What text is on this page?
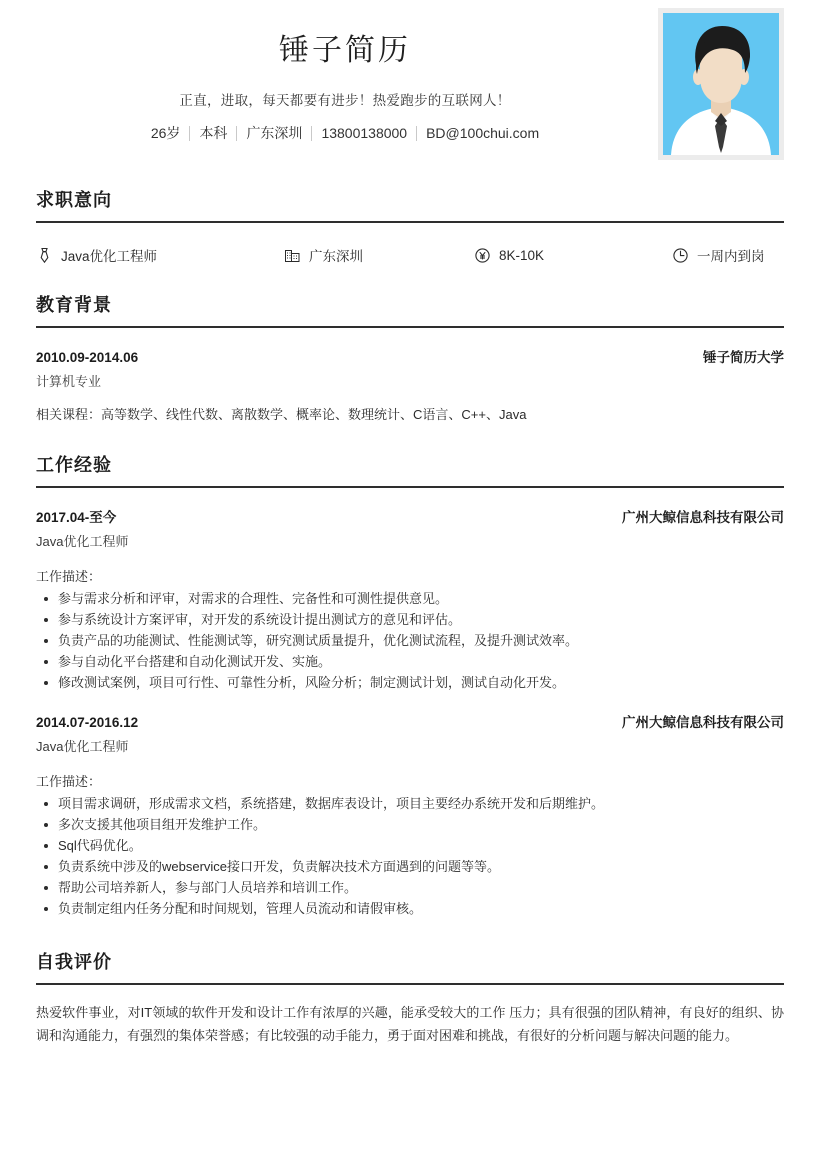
锤子简历
正直，进取，每天都要有进步！热爱跑步的互联网人！
26岁	本科	广东深圳	13800138000	BD@100chui.com
求职意向
Java优化工程师	广东深圳	8K-10K	一周内到岗
教育背景
2010.09-2014.06	锤子简历大学
计算机专业
相关课程：高等数学、线性代数、离散数学、概率论、数理统计、C语言、C++、Java
工作经验
2017.04-至今	广州大鲸信息科技有限公司
Java优化工程师
工作描述：
参与需求分析和评审，对需求的合理性、完备性和可测性提供意见。
参与系统设计方案评审，对开发的系统设计提出测试方的意见和评估。
负责产品的功能测试、性能测试等，研究测试质量提升，优化测试流程，及提升测试效率。
参与自动化平台搭建和自动化测试开发、实施。
修改测试案例，项目可行性、可靠性分析，风险分析；制定测试计划，测试自动化开发。
2014.07-2016.12	广州大鲸信息科技有限公司
Java优化工程师
工作描述：
项目需求调研，形成需求文档，系统搭建，数据库表设计，项目主要经办系统开发和后期维护。
多次支援其他项目组开发维护工作。
Sql代码优化。
负责系统中涉及的webservice接口开发，负责解决技术方面遇到的问题等等。
帮助公司培养新人，参与部门人员培养和培训工作。
负责制定组内任务分配和时间规划，管理人员流动和请假审核。
自我评价
热爱软件事业，对IT领域的软件开发和设计工作有浓厚的兴趣，能承受较大的工作 压力；具有很强的团队精神，有良好的组织、协调和沟通能力，有强烈的集体荣誉感；有比较强的动手能力，勇于面对困难和挑战，有很好的分析问题与解决问题的能力。
